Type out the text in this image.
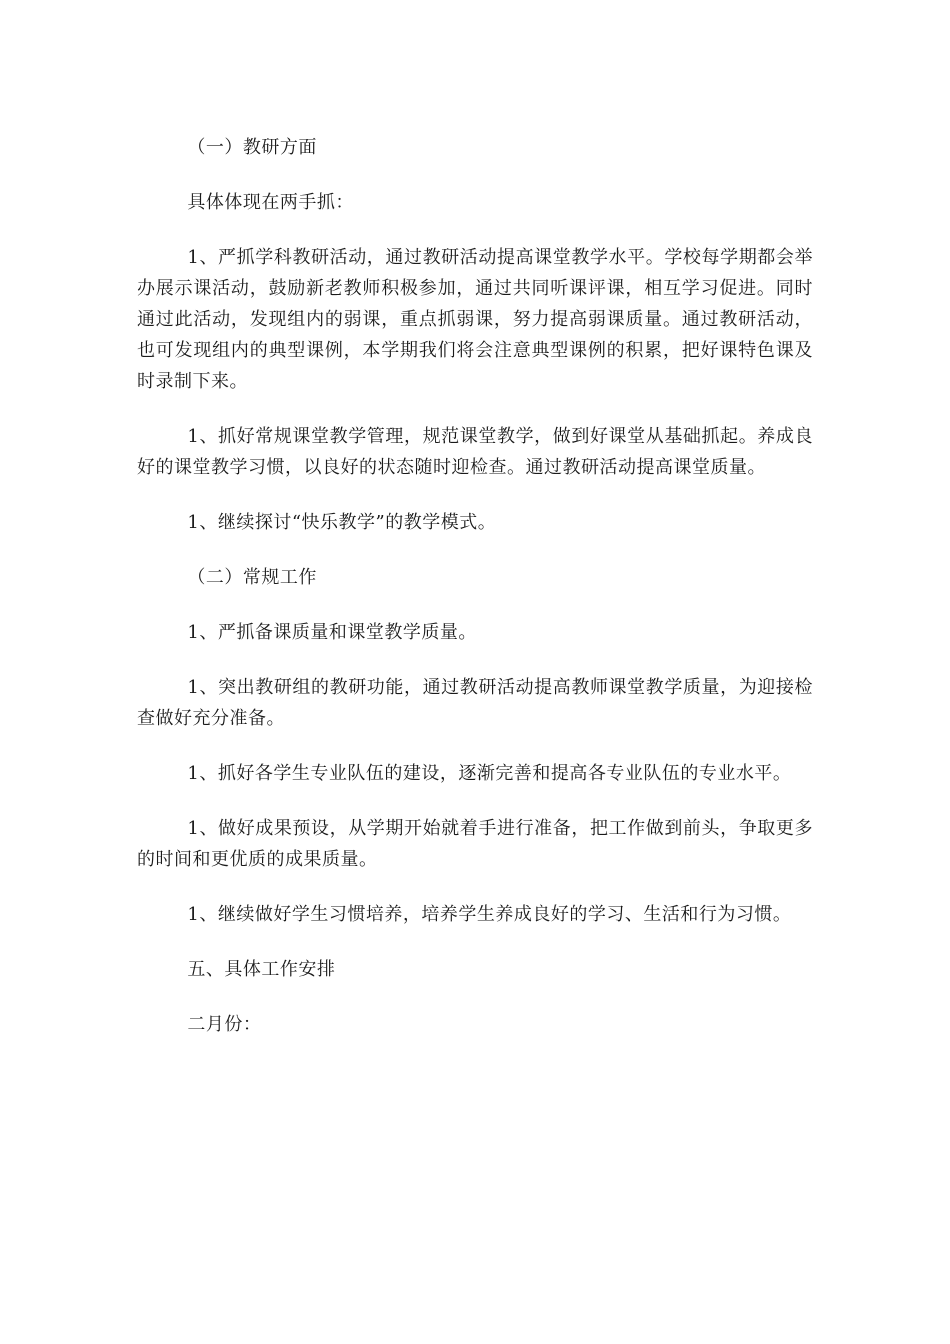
（一）教研方面

具体体现在两手抓：

1、严抓学科教研活动，通过教研活动提高课堂教学水平。学校每学期都会举办展示课活动，鼓励新老教师积极参加，通过共同听课评课，相互学习促进。同时通过此活动，发现组内的弱课，重点抓弱课，努力提高弱课质量。通过教研活动，也可发现组内的典型课例，本学期我们将会注意典型课例的积累，把好课特色课及时录制下来。

1、抓好常规课堂教学管理，规范课堂教学，做到好课堂从基础抓起。养成良好的课堂教学习惯，以良好的状态随时迎检查。通过教研活动提高课堂质量。

1、继续探讨“快乐教学”的教学模式。

（二）常规工作

1、严抓备课质量和课堂教学质量。

1、突出教研组的教研功能，通过教研活动提高教师课堂教学质量，为迎接检查做好充分准备。

1、抓好各学生专业队伍的建设，逐渐完善和提高各专业队伍的专业水平。

1、做好成果预设，从学期开始就着手进行准备，把工作做到前头，争取更多的时间和更优质的成果质量。

1、继续做好学生习惯培养，培养学生养成良好的学习、生活和行为习惯。

五、具体工作安排

二月份：
